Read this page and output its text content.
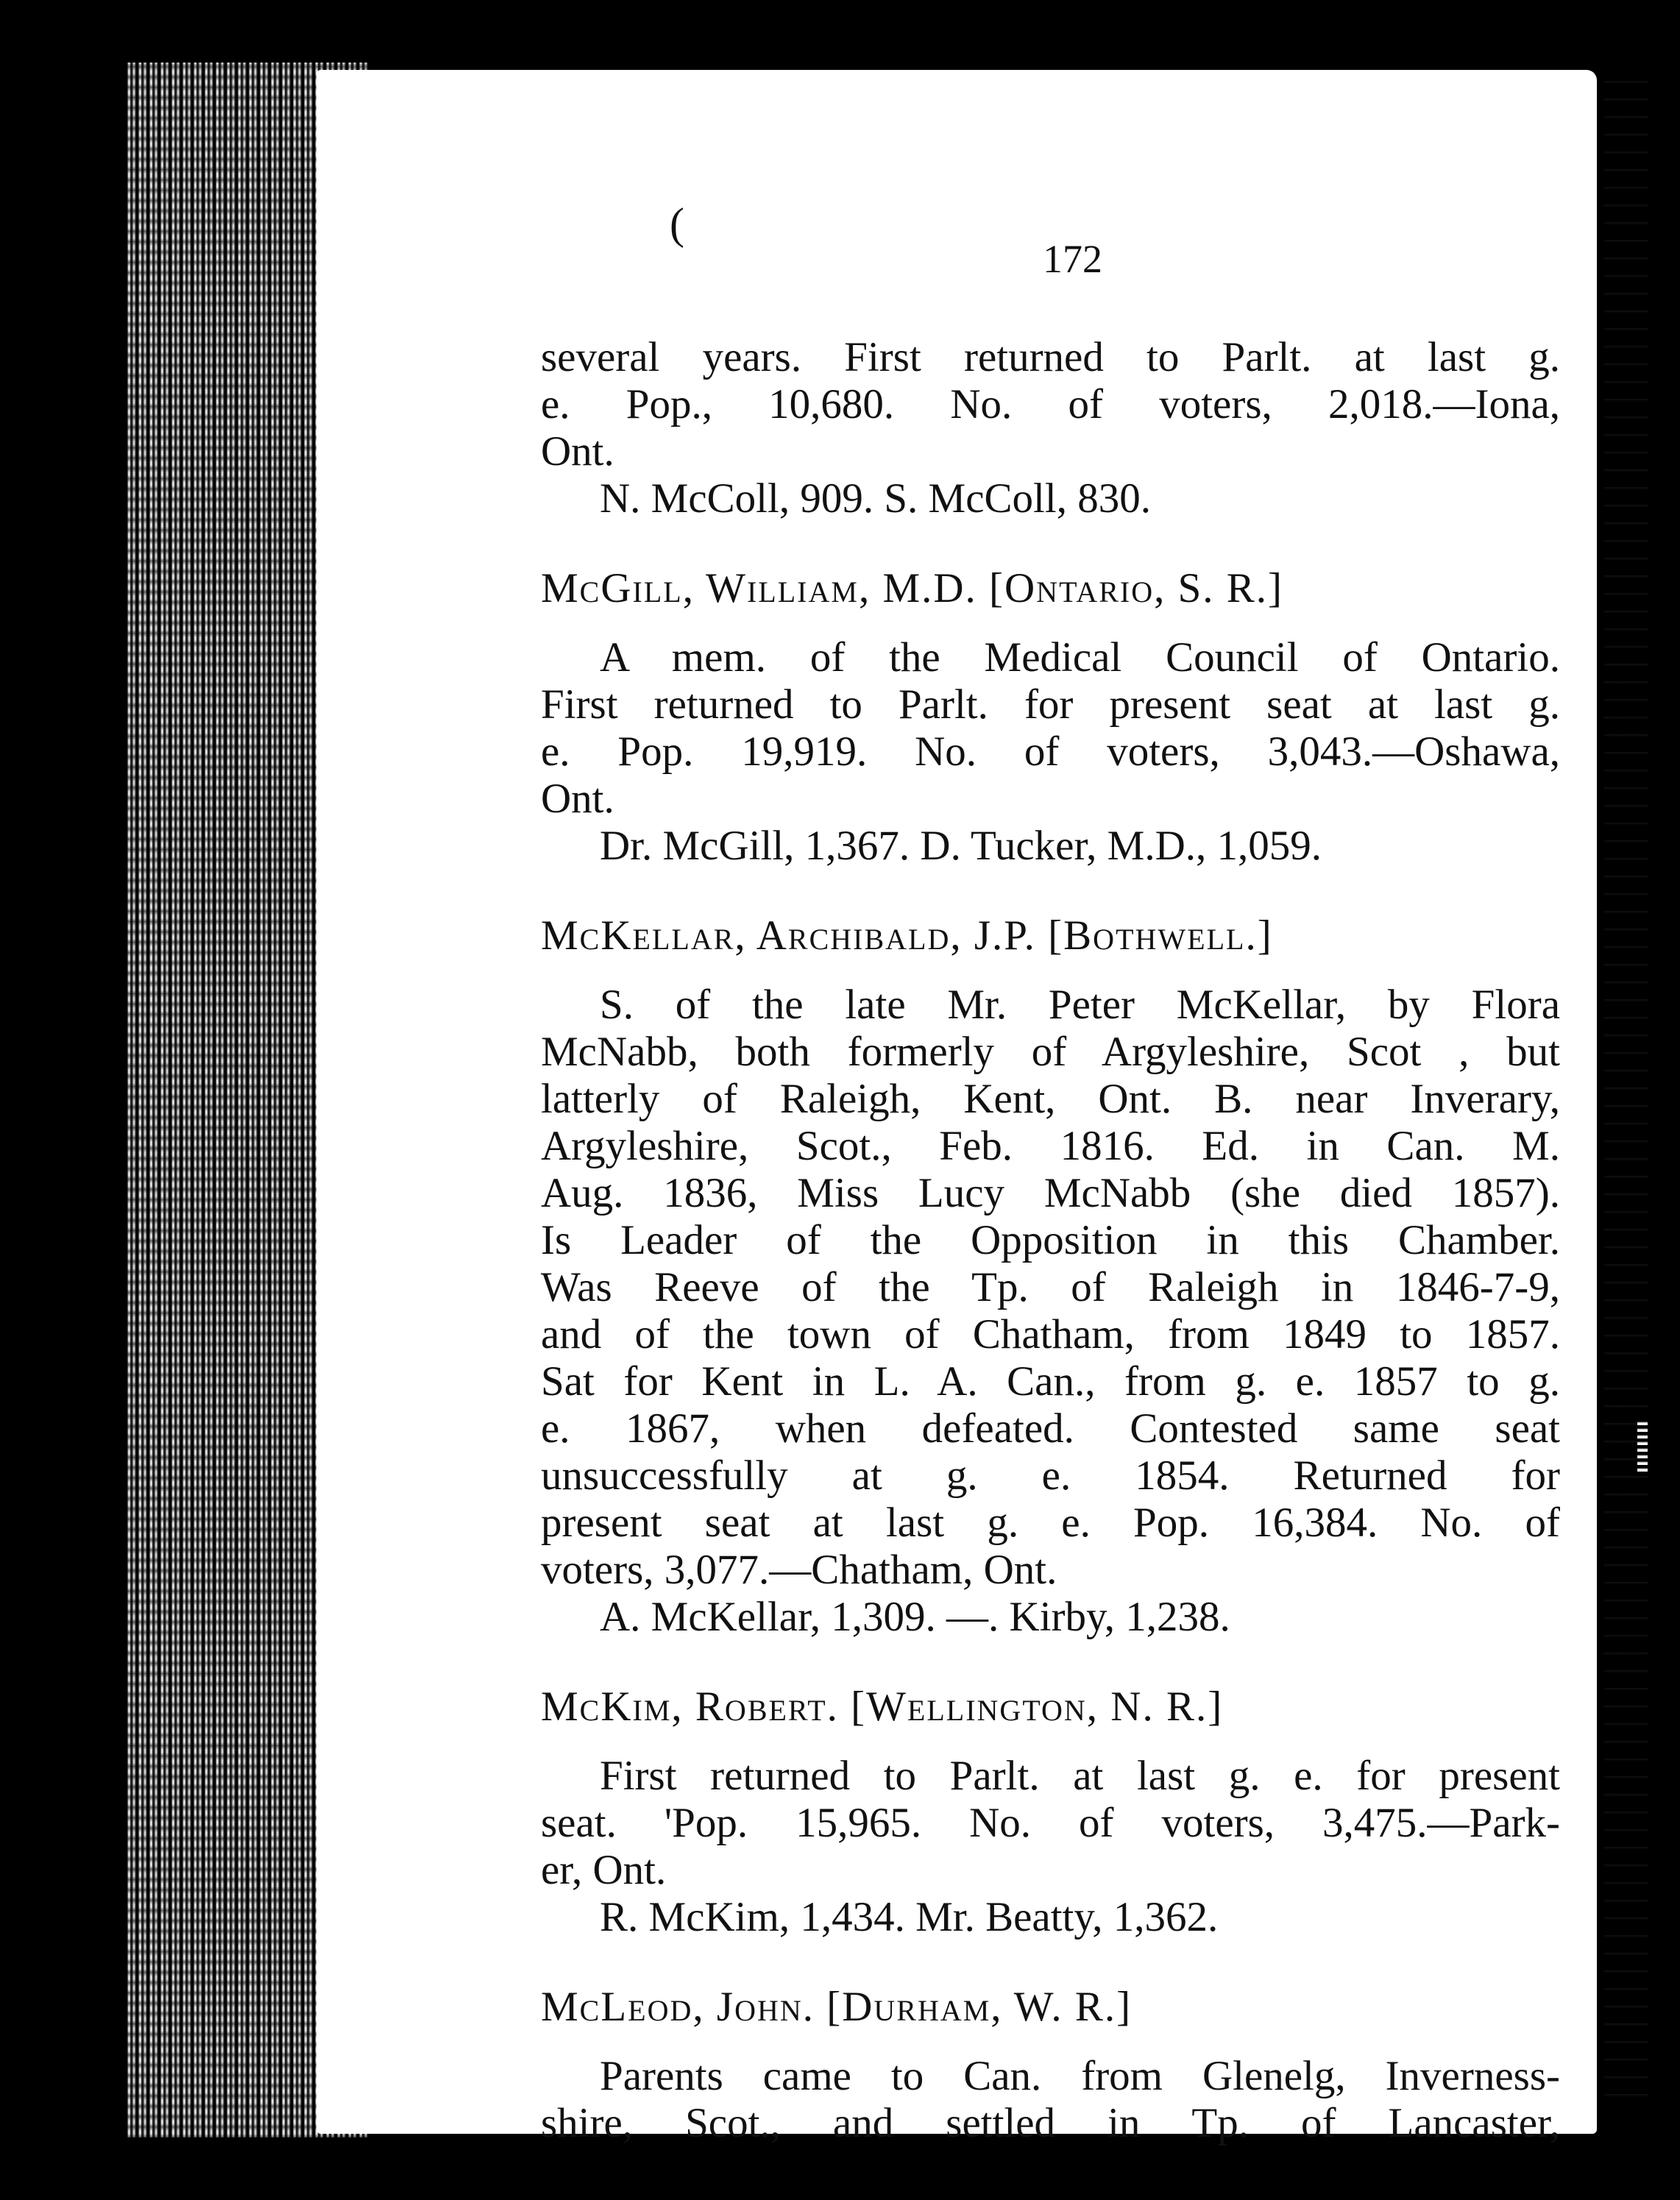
(
172
several years. First returned to Parlt. at last g.
e. Pop., 10,680. No. of voters, 2,018.—Iona,
Ont.
N. McColl, 909. S. McColl, 830.
McGill, William, M.D. [Ontario, S. R.]
A mem. of the Medical Council of Ontario.
First returned to Parlt. for present seat at last g.
e. Pop. 19,919. No. of voters, 3,043.—Oshawa,
Ont.
Dr. McGill, 1,367. D. Tucker, M.D., 1,059.
McKellar, Archibald, J.P. [Bothwell.]
S. of the late Mr. Peter McKellar, by Flora
McNabb, both formerly of Argyleshire, Scot , but
latterly of Raleigh, Kent, Ont. B. near Inverary,
Argyleshire, Scot., Feb. 1816. Ed. in Can. M.
Aug. 1836, Miss Lucy McNabb (she died 1857).
Is Leader of the Opposition in this Chamber.
Was Reeve of the Tp. of Raleigh in 1846-7-9,
and of the town of Chatham, from 1849 to 1857.
Sat for Kent in L. A. Can., from g. e. 1857 to g.
e. 1867, when defeated. Contested same seat
unsuccessfully at g. e. 1854. Returned for
present seat at last g. e. Pop. 16,384. No. of
voters, 3,077.—Chatham, Ont.
A. McKellar, 1,309. —. Kirby, 1,238.
McKim, Robert. [Wellington, N. R.]
First returned to Parlt. at last g. e. for present
seat. 'Pop. 15,965. No. of voters, 3,475.—Park-
er, Ont.
R. McKim, 1,434. Mr. Beatty, 1,362.
McLeod, John. [Durham, W. R.]
Parents came to Can. from Glenelg, Inverness-
shire, Scot., and settled in Tp. of Lancaster,
